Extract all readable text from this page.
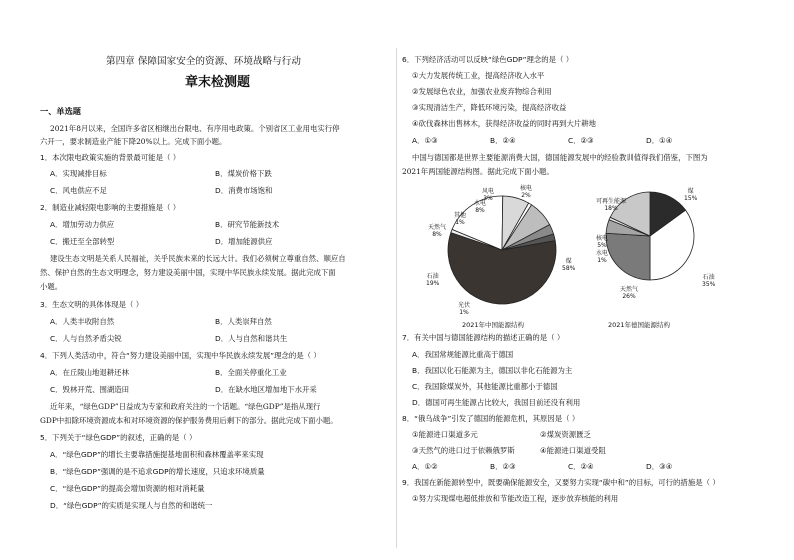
第四章 保障国家安全的资源、环境战略与行动
章末检测题
一、单选题
2021年8月以来，全国许多省区相继出台限电、有序用电政策。个别省区工业用电实行停
六开一，要求制造业产能下降20%以上。完成下面小题。
1．本次限电政策实施的背景最可能是（ ）
A．实现减排目标	B．煤炭价格下跌
C．风电供应不足	D．消费市场饱和
2．制造业减轻限电影响的主要措施是（ ）
A．增加劳动力供应	B．研究节能新技术
C．搬迁至全部转型	D．增加能源供应
建设生态文明是关系人民福祉，关乎民族未来的长远大计。我们必须树立尊重自然、顺应自
然、保护自然的生态文明理念，努力建设美丽中国，实现中华民族永续发展。据此完成下面
小题。
3．生态文明的具体体现是（ ）
A．人类丰收附自然	B．人类崇拜自然
C．人与自然矛盾尖锐	D．人与自然和谐共生
4．下列人类活动中，符合“努力建设美丽中国，实现中华民族永续发展”理念的是（ ）
A．在丘陵山地退耕还林	B．全面关停重化工业
C．毁林开荒、围湖造田	D．在缺水地区增加地下水开采
近年来，“绿色GDP”日益成为专家和政府关注的一个话题。“绿色GDP”是指从现行
GDP中扣除环境资源成本和对环境资源的保护服务费用后剩下的部分。据此完成下面小题。
5．下列关于“绿色GDP”的叙述，正确的是（ ）
A．“绿色GDP”的增长主要靠措施提基地面积和森林覆盖率来实现
B．“绿色GDP”强调的是不追求GDP的增长速度，只追求环境质量
C．“绿色GDP”的提高会增加资源的相对消耗量
D．“绿色GDP”的实质是实现人与自然的和谐统一
6．下列经济活动可以反映“绿色GDP”理念的是（ ）
①大力发展传统工业，提高经济收入水平
②发展绿色农业，加强农业废弃物综合利用
③实现清洁生产，降低环境污染，提高经济收益
④砍伐森林出售林木，获得经济收益的同时再到大片耕地
A．①③	B．②④	C．②③	D．①④
中国与德国都是世界主要能源消费大国，德国能源发展中的经验教训值得我们借鉴，下图为
2021年两国能源结构图。据此完成下面小题。
核电
2%
风电
3%
水电
8%
其他
1%
天然气
8%
石油
19%
光伏
1%
煤
58%
2021年中国能源结构
可再生能源
18%
煤
15%
核电
5%
水电
1%
天然气
26%
石油
35%
2021年德国能源结构
7．有关中国与德国能源结构的描述正确的是（ ）
A．我国常规能源比重高于德国
B．我国以化石能源为主，德国以非化石能源为主
C．我国除煤炭外，其他能源比重都小于德国
D．德国可再生能源占比较大，我国目前还没有利用
8．“俄乌战争”引发了德国的能源危机，其原因是（ ）
①能源进口渠道多元	②煤炭资源匮乏
③天然气的进口过于依赖俄罗斯	④能源进口渠道受阻
A．①②	B．②③	C．②④	D．③④
9．我国在新能源转型中，既要确保能源安全，又要努力实现“碳中和”的目标，可行的措施是（ ）
①努力实现煤电超低排放和节能改造工程，逐步放弃核能的利用
